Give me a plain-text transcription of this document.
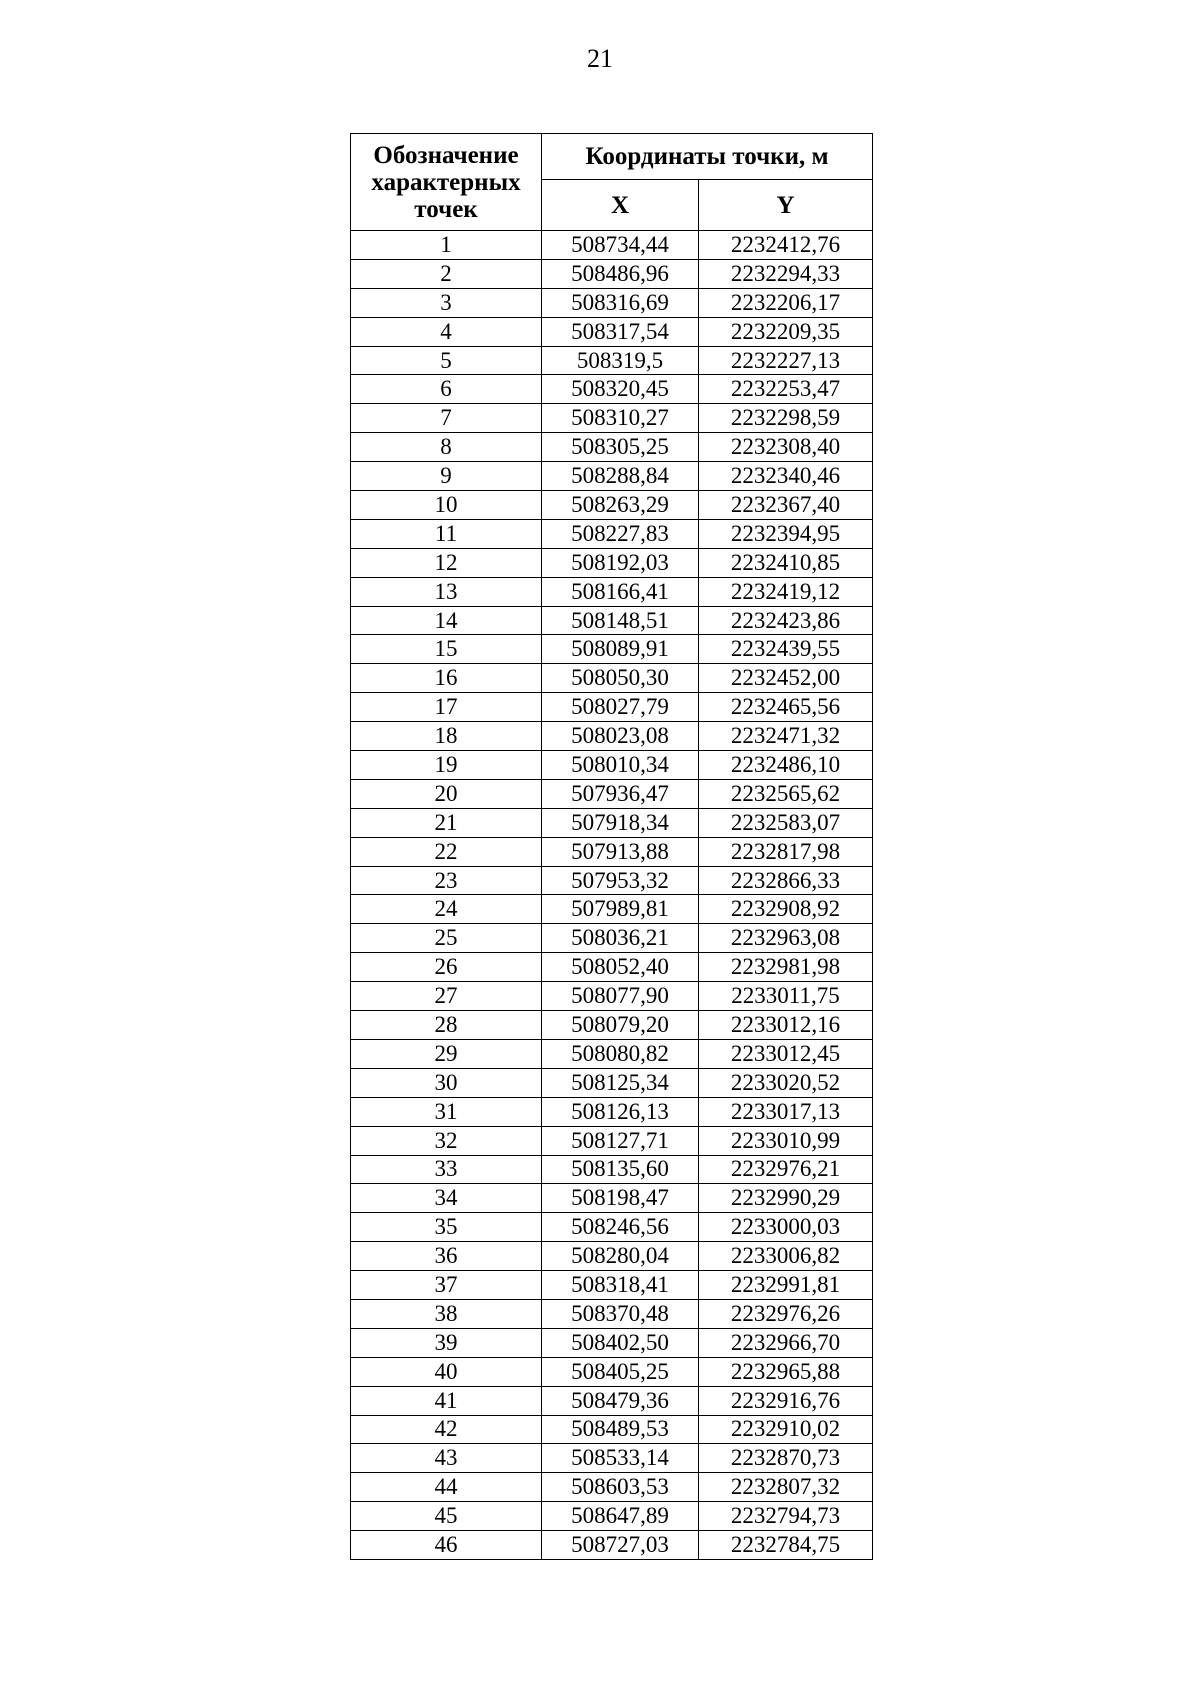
21
Обозначение характерных точек	Координаты точки, м	
	X	Y
1	508734,44	2232412,76
2	508486,96	2232294,33
3	508316,69	2232206,17
4	508317,54	2232209,35
5	508319,5	2232227,13
6	508320,45	2232253,47
7	508310,27	2232298,59
8	508305,25	2232308,40
9	508288,84	2232340,46
10	508263,29	2232367,40
11	508227,83	2232394,95
12	508192,03	2232410,85
13	508166,41	2232419,12
14	508148,51	2232423,86
15	508089,91	2232439,55
16	508050,30	2232452,00
17	508027,79	2232465,56
18	508023,08	2232471,32
19	508010,34	2232486,10
20	507936,47	2232565,62
21	507918,34	2232583,07
22	507913,88	2232817,98
23	507953,32	2232866,33
24	507989,81	2232908,92
25	508036,21	2232963,08
26	508052,40	2232981,98
27	508077,90	2233011,75
28	508079,20	2233012,16
29	508080,82	2233012,45
30	508125,34	2233020,52
31	508126,13	2233017,13
32	508127,71	2233010,99
33	508135,60	2232976,21
34	508198,47	2232990,29
35	508246,56	2233000,03
36	508280,04	2233006,82
37	508318,41	2232991,81
38	508370,48	2232976,26
39	508402,50	2232966,70
40	508405,25	2232965,88
41	508479,36	2232916,76
42	508489,53	2232910,02
43	508533,14	2232870,73
44	508603,53	2232807,32
45	508647,89	2232794,73
46	508727,03	2232784,75
